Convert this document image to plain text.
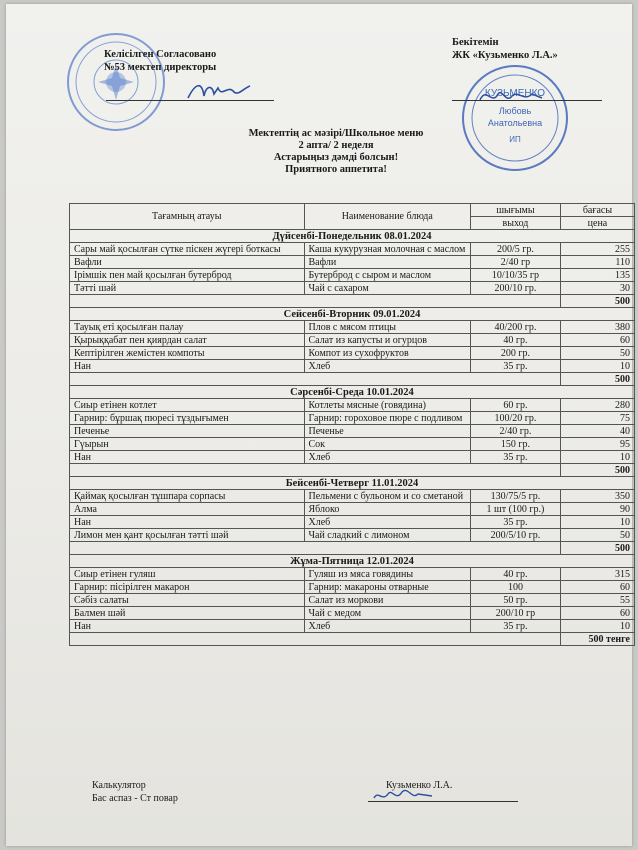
Келісілген Согласовано
№53 мектеп директоры
КУЗЬМЕНКО
Любовь
Анатольевна
ИП
Бекітемін
ЖК «Кузьменко Л.А.»
Мектептің ас мәзірі/Школьное меню
2 апта/ 2 неделя
Астарыңыз дәмді болсын!
Приятного аппетита!
Тағамның атауы	Наименование блюда	шығымы	бағасы
		выход	цена
Дүйсенбі-Понедельник 08.01.2024			
Сары май қосылған сүтке піскен жүгері боткасы	Каша кукурузная молочная с маслом	200/5 гр.	255
Вафли	Вафли	2/40 гр	110
Ірімшік пен май қосылған бутерброд	Бутерброд с сыром и маслом	10/10/35 гр	135
Тәтті шәй	Чай с сахаром	200/10 гр.	30
			500
Сейсенбі-Вторник 09.01.2024			
Тауық еті қосылған палау	Плов с мясом птицы	40/200 гр.	380
Қырыққабат пен қиярдан салат	Салат из капусты и огурцов	40 гр.	60
Кептірілген жемістен компоты	Компот из сухофруктов	200 гр.	50
Нан	Хлеб	35 гр.	10
			500
Сәрсенбі-Среда 10.01.2024			
Сиыр етінен котлет	Котлеты мясные (говядина)	60 гр.	280
Гарнир: бұршақ пюресі тұздығымен	Гарнир: гороховое пюре с подливом	100/20 гр.	75
Печенье	Печенье	2/40 гр.	40
Гүырын	Сок	150 гр.	95
Нан	Хлеб	35 гр.	10
			500
Бейсенбі-Четверг 11.01.2024			
Қаймақ қосылған тұшпара сорпасы	Пельмени с бульоном и со сметаной	130/75/5 гр.	350
Алма	Яблоко	1 шт (100 гр.)	90
Нан	Хлеб	35 гр.	10
Лимон мен қант қосылған тәтті шәй	Чай сладкий с лимоном	200/5/10 гр.	50
			500
Жұма-Пятница 12.01.2024			
Сиыр етінен гуляш	Гуляш из мяса говядины	40 гр.	315
Гарнир: пісірілген макарон	Гарнир: макароны отварные	100	60
Сәбіз салаты	Салат из моркови	50 гр.	55
Балмен шәй	Чай с медом	200/10 гр	60
Нан	Хлеб	35 гр.	10
			500 тенге
Калькулятор
Бас аспаз - Ст повар
Кузьменко Л.А.
